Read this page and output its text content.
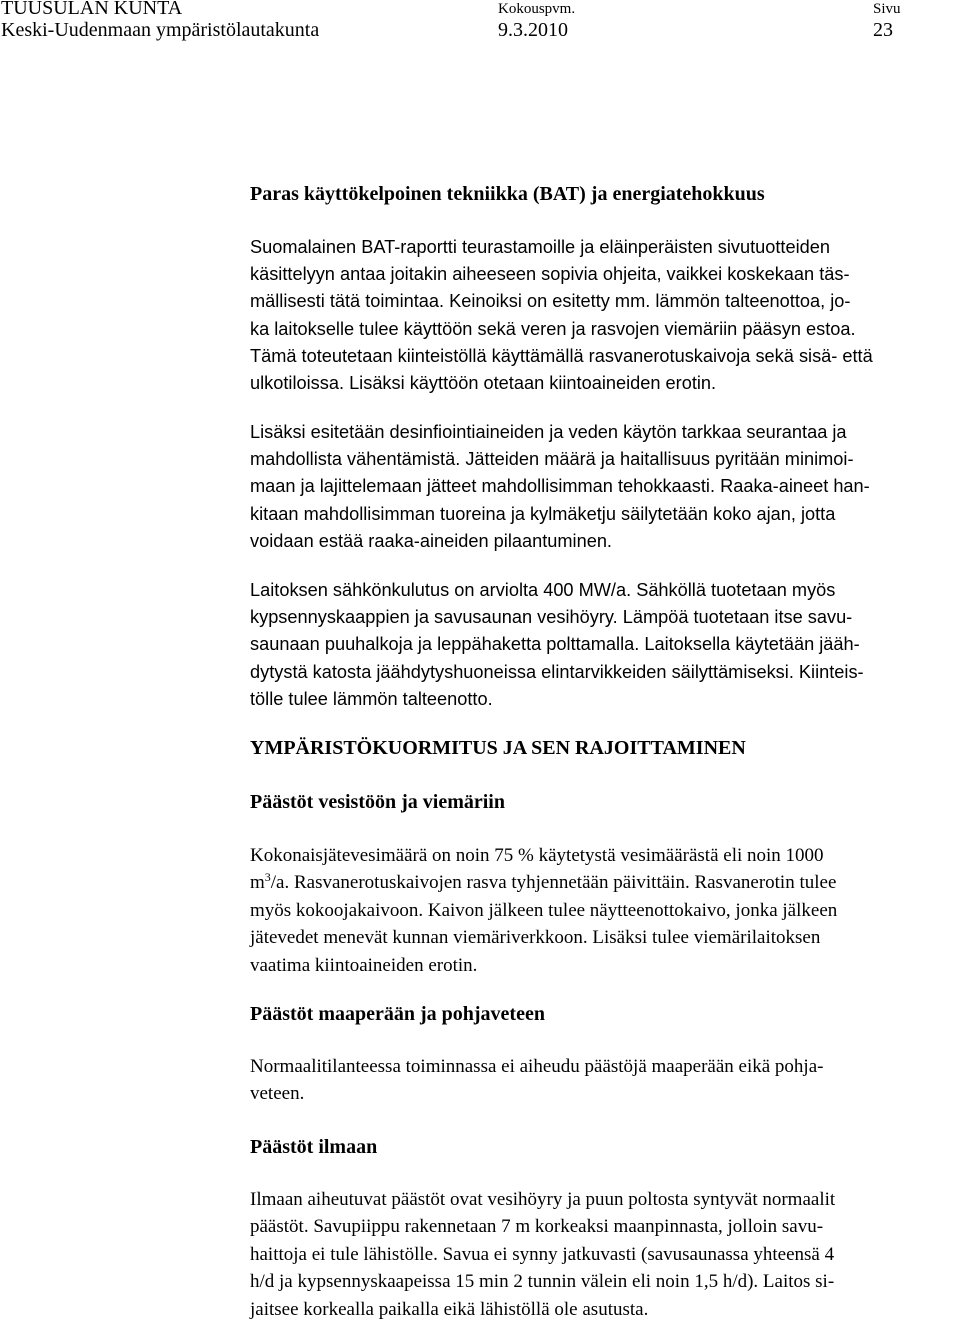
TUUSULAN KUNTA
Keski-Uudenmaan ympäristölautakunta
Kokouspvm.
9.3.2010
Sivu
23
Paras käyttökelpoinen tekniikka (BAT) ja energiatehokkuus
Suomalainen BAT-raportti teurastamoille ja eläinperäisten sivutuotteiden
käsittelyyn antaa joitakin aiheeseen sopivia ohjeita, vaikkei koskekaan täs-
mällisesti tätä toimintaa. Keinoiksi on esitetty mm. lämmön talteenottoa, jo-
ka laitokselle tulee käyttöön sekä veren ja rasvojen viemäriin pääsyn estoa.
Tämä toteutetaan kiinteistöllä käyttämällä rasvanerotuskaivoja sekä sisä- että
ulkotiloissa. Lisäksi käyttöön otetaan kiintoaineiden erotin.
Lisäksi esitetään desinfiointiaineiden ja veden käytön tarkkaa seurantaa ja
mahdollista vähentämistä. Jätteiden määrä ja haitallisuus pyritään minimoi-
maan ja lajittelemaan jätteet mahdollisimman tehokkaasti. Raaka-aineet han-
kitaan mahdollisimman tuoreina ja kylmäketju säilytetään koko ajan, jotta
voidaan estää raaka-aineiden pilaantuminen.
Laitoksen sähkönkulutus on arviolta 400 MW/a. Sähköllä tuotetaan myös
kypsennyskaappien ja savusaunan vesihöyry. Lämpöä tuotetaan itse savu-
saunaan puuhalkoja ja leppähaketta polttamalla. Laitoksella käytetään jääh-
dytystä katosta jäähdytyshuoneissa elintarvikkeiden säilyttämiseksi. Kiinteis-
tölle tulee lämmön talteenotto.
YMPÄRISTÖKUORMITUS JA SEN RAJOITTAMINEN
Päästöt vesistöön ja viemäriin
Kokonaisjätevesimäärä on noin 75 % käytetystä vesimäärästä eli noin 1000
$m^3/a$. Rasvanerotuskaivojen rasva tyhjennetään päivittäin. Rasvanerotin tulee
myös kokoojakaivoon. Kaivon jälkeen tulee näytteenottokaivo, jonka jälkeen
jätevedet menevät kunnan viemäriverkkoon. Lisäksi tulee viemärilaitoksen
vaatima kiintoaineiden erotin.
Päästöt maaperään ja pohjaveteen
Normaalitilanteessa toiminnassa ei aiheudu päästöjä maaperään eikä pohja-
veteen.
Päästöt ilmaan
Ilmaan aiheutuvat päästöt ovat vesihöyry ja puun poltosta syntyvät normaalit
päästöt. Savupiippu rakennetaan 7 m korkeaksi maanpinnasta, jolloin savu-
haittoja ei tule lähistölle. Savua ei synny jatkuvasti (savusaunassa yhteensä 4
h/d ja kypsennyskaapeissa 15 min 2 tunnin välein eli noin 1,5 h/d). Laitos si-
jaitsee korkealla paikalla eikä lähistöllä ole asutusta.
